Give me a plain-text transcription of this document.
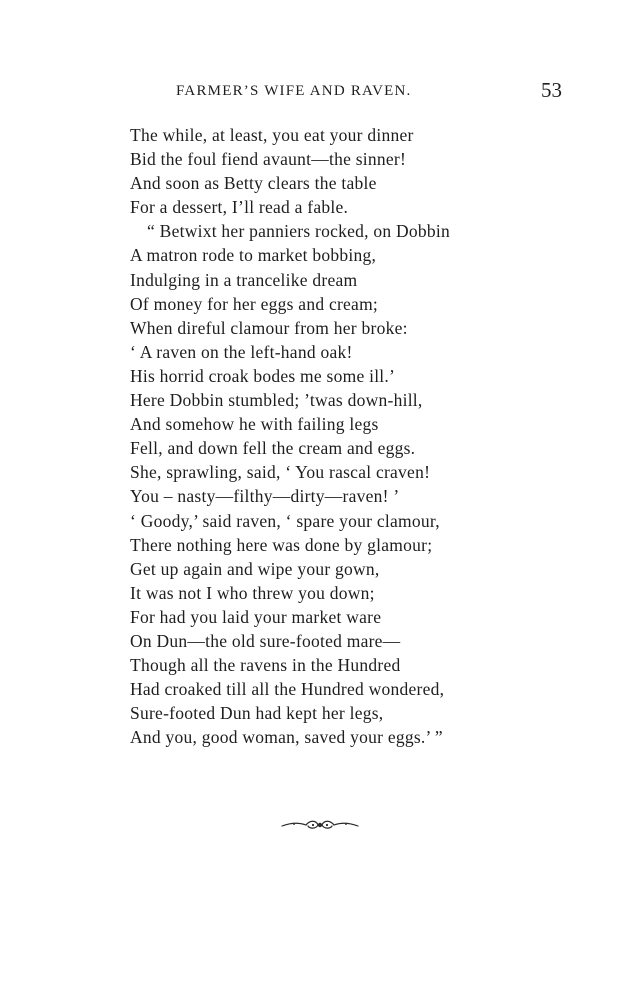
FARMER’S WIFE AND RAVEN.	53
The while, at least, you eat your dinner
Bid the foul fiend avaunt—the sinner!
And soon as Betty clears the table
For a dessert, I’ll read a fable.
“ Betwixt her panniers rocked, on Dobbin
A matron rode to market bobbing,
Indulging in a trancelike dream
Of money for her eggs and cream;
When direful clamour from her broke:
‘ A raven on the left-hand oak!
His horrid croak bodes me some ill.’
Here Dobbin stumbled; ’twas down-hill,
And somehow he with failing legs
Fell, and down fell the cream and eggs.
She, sprawling, said, ‘ You rascal craven!
You – nasty—filthy—dirty—raven! ’
‘ Goody,’ said raven, ‘ spare your clamour,
There nothing here was done by glamour;
Get up again and wipe your gown,
It was not I who threw you down;
For had you laid your market ware
On Dun—the old sure-footed mare—
Though all the ravens in the Hundred
Had croaked till all the Hundred wondered,
Sure-footed Dun had kept her legs,
And you, good woman, saved your eggs.’ ”
